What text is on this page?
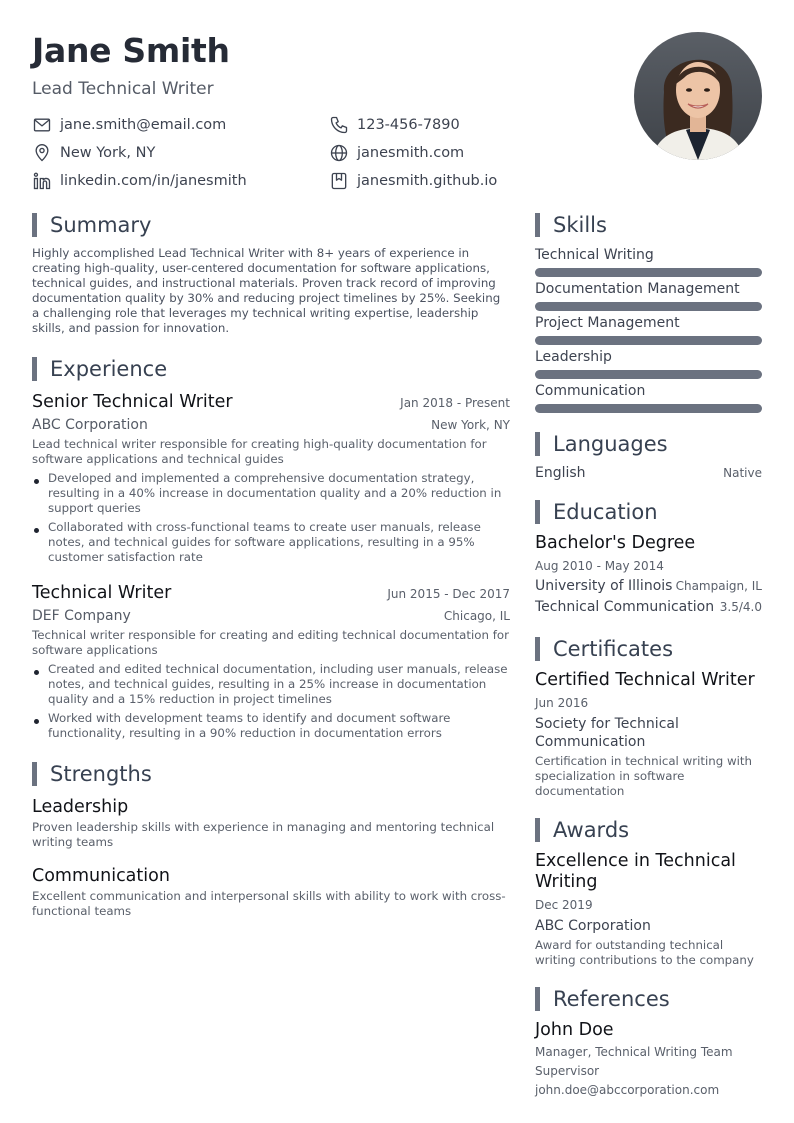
Jane Smith
Lead Technical Writer
jane.smith@email.com	123-456-7890
New York, NY	janesmith.com
linkedin.com/in/janesmith	janesmith.github.io
Summary
Highly accomplished Lead Technical Writer with 8+ years of experience in creating high-quality, user-centered documentation for software applications, technical guides, and instructional materials. Proven track record of improving documentation quality by 30% and reducing project timelines by 25%. Seeking a challenging role that leverages my technical writing expertise, leadership skills, and passion for innovation.
Experience
Senior Technical Writer	Jan 2018 - Present
ABC Corporation	New York, NY
Lead technical writer responsible for creating high-quality documentation for software applications and technical guides
Developed and implemented a comprehensive documentation strategy, resulting in a 40% increase in documentation quality and a 20% reduction in support queries
Collaborated with cross-functional teams to create user manuals, release notes, and technical guides for software applications, resulting in a 95% customer satisfaction rate
Technical Writer	Jun 2015 - Dec 2017
DEF Company	Chicago, IL
Technical writer responsible for creating and editing technical documentation for software applications
Created and edited technical documentation, including user manuals, release notes, and technical guides, resulting in a 25% increase in documentation quality and a 15% reduction in project timelines
Worked with development teams to identify and document software functionality, resulting in a 90% reduction in documentation errors
Strengths
Leadership
Proven leadership skills with experience in managing and mentoring technical writing teams
Communication
Excellent communication and interpersonal skills with ability to work with cross-functional teams
Skills
Technical Writing
Documentation Management
Project Management
Leadership
Communication
Languages
English	Native
Education
Bachelor's Degree
Aug 2010 - May 2014
University of Illinois Champaign, IL
Technical Communication 3.5/4.0
Certificates
Certified Technical Writer
Jun 2016
Society for Technical Communication
Certification in technical writing with specialization in software documentation
Awards
Excellence in Technical Writing
Dec 2019
ABC Corporation
Award for outstanding technical writing contributions to the company
References
John Doe
Manager, Technical Writing Team Supervisor
john.doe@abccorporation.com
